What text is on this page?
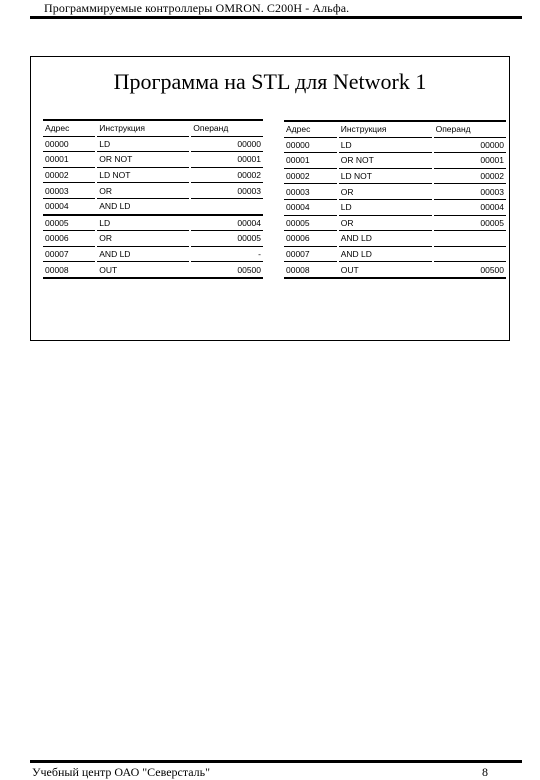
Программируемые контроллеры OMRON. C200H - Альфа.
Программа на STL для Network 1
Адрес	Инструкция	Операнд
00000	LD	00000
00001	OR NOT	00001
00002	LD NOT	00002
00003	OR	00003
00004	AND LD	
00005	LD	00004
00006	OR	00005
00007	AND LD	-
00008	OUT	00500
Адрес	Инструкция	Операнд
00000	LD	00000
00001	OR NOT	00001
00002	LD NOT	00002
00003	OR	00003
00004	LD	00004
00005	OR	00005
00006	AND LD	
00007	AND LD	
00008	OUT	00500
Учебный центр ОАО "Северсталь"	8
